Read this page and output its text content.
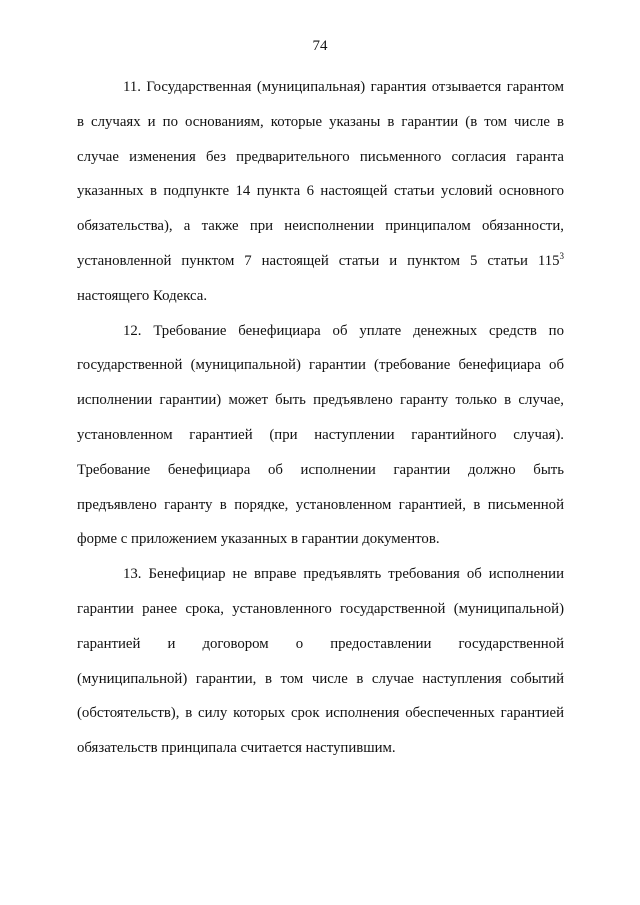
74
11. Государственная (муниципальная) гарантия отзывается гарантом
в случаях и по основаниям, которые указаны в гарантии (в том числе в
случае изменения без предварительного письменного согласия гаранта
указанных в подпункте 14 пункта 6 настоящей статьи условий основного
обязательства), а также при неисполнении принципалом обязанности,
установленной пунктом 7 настоящей статьи и пунктом 5 статьи $115^3$
настоящего Кодекса.
12. Требование бенефициара об уплате денежных средств по
государственной (муниципальной) гарантии (требование бенефициара об
исполнении гарантии) может быть предъявлено гаранту только в случае,
установленном гарантией (при наступлении гарантийного случая).
Требование бенефициара об исполнении гарантии должно быть
предъявлено гаранту в порядке, установленном гарантией, в письменной
форме с приложением указанных в гарантии документов.
13. Бенефициар не вправе предъявлять требования об исполнении
гарантии ранее срока, установленного государственной (муниципальной)
гарантией и договором о предоставлении государственной
(муниципальной) гарантии, в том числе в случае наступления событий
(обстоятельств), в силу которых срок исполнения обеспеченных гарантией
обязательств принципала считается наступившим.
